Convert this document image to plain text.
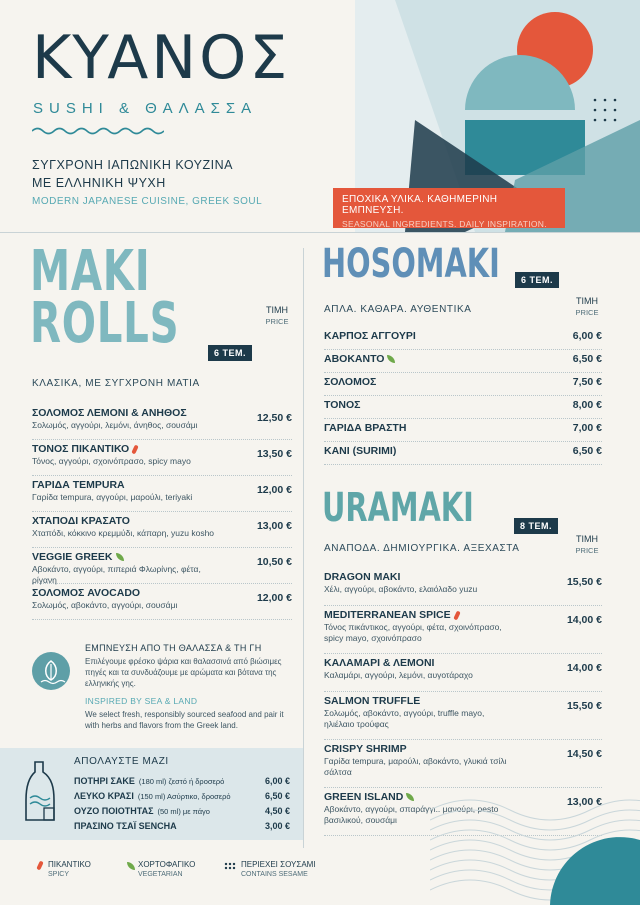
KYANOΣ
SUSHI & ΘΑΛΑΣΣΑ
ΣΥΓΧΡΟΝΗ ΙΑΠΩΝΙΚΗ ΚΟΥΖΙΝΑ
ΜΕ ΕΛΛΗΝΙΚΗ ΨΥΧΗ
MODERN JAPANESE CUISINE, GREEK SOUL	ΕΠΟΧΙΚΑ ΥΛΙΚΑ. ΚΑΘΗΜΕΡΙΝΗ ΕΜΠΝΕΥΣΗ.
SEASONAL INGREDIENTS. DAILY INSPIRATION.
MAKI
ROLLS	6 ΤΕΜ.
ΤΙΜΗ
PRICE
ΚΛΑΣΙΚΑ, ΜΕ ΣΥΓΧΡΟΝΗ ΜΑΤΙΑ
ΣΟΛΟΜΟΣ ΛΕΜΟΝΙ & ΑΝΗΘΟΣ
Σολωμός, αγγούρι, λεμόνι, άνηθος, σουσάμι
12,50 €
ΤΟΝΟΣ ΠΙΚΑΝΤΙΚΟ
Τόνος, αγγούρι, σχοινόπρασο, spicy mayo
13,50 €
ΓΑΡΙΔΑ TEMPURA
Γαρίδα tempura, αγγούρι, μαρούλι, teriyaki
12,00 €
ΧΤΑΠΟΔΙ ΚΡΑΣΑΤΟ
Χταπόδι, κόκκινο κρεμμύδι, κάπαρη, yuzu kosho
13,00 €
VEGGIE GREEK
Αβοκάντο, αγγούρι, πιπεριά Φλωρίνης, φέτα, ρίγανη
10,50 €
ΣΟΛΟΜΟΣ AVOCADO
Σολωμός, αβοκάντο, αγγούρι, σουσάμι
12,00 €
ΕΜΠΝΕΥΣΗ ΑΠΟ ΤΗ ΘΑΛΑΣΣΑ & ΤΗ ΓΗ
Επιλέγουμε φρέσκο ψάρια και θαλασσινά από βιώσιμες πηγές και τα συνδυάζουμε με αρώματα και βότανα της ελληνικής γης.
INSPIRED BY SEA & LAND
We select fresh, responsibly sourced seafood and pair it with herbs and flavors from the Greek land.
ΑΠΟΛΑΥΣΤΕ ΜΑΖΙ
ΠΟΤΗΡΙ ΣΑΚΕ (180 ml) ζεστό ή δροσερό	6,00 €
ΛΕΥΚΟ ΚΡΑΣΙ (150 ml) Ασύρτικο, δροσερό	6,50 €
ΟΥΖΟ ΠΟΙΟΤΗΤΑΣ (50 ml) με πάγο	4,50 €
ΠΡΑΣΙΝΟ ΤΣΑΪ SENCHA	3,00 €
HOSOMAKI	6 ΤΕΜ.
ΤΙΜΗ
PRICE
ΑΠΛΑ. ΚΑΘΑΡΑ. ΑΥΘΕΝΤΙΚΑ
ΚΑΡΠΟΣ ΑΓΓΟΥΡΙ	6,00 €
ΑΒΟΚΑΝΤΟ	6,50 €
ΣΟΛΟΜΟΣ	7,50 €
ΤΟΝΟΣ	8,00 €
ΓΑΡΙΔΑ ΒΡΑΣΤΗ	7,00 €
KANI (SURIMI)	6,50 €
URAMAKI	8 ΤΕΜ.
ΤΙΜΗ
PRICE
ΑΝΑΠΟΔΑ. ΔΗΜΙΟΥΡΓΙΚΑ. ΑΞΕΧΑΣΤΑ
DRAGON MAKI
Χέλι, αγγούρι, αβοκάντο, ελαιόλαδο yuzu
15,50 €
MEDITERRANEAN SPICE
Τόνος πικάντικος, αγγούρι, φέτα, σχοινόπρασο, spicy mayo, σχοινόπρασο
14,00 €
ΚΑΛΑΜΑΡΙ & ΛΕΜΟΝΙ
Καλαμάρι, αγγούρι, λεμόνι, αυγοτάραχο
14,00 €
SALMON TRUFFLE
Σολωμός, αβοκάντο, αγγούρι, truffle mayo, ηλιέλαιο τρούφας
15,50 €
CRISPY SHRIMP
Γαρίδα tempura, μαρούλι, αβοκάντο, γλυκιά τσίλι σάλτσα
14,50 €
GREEN ISLAND
Αβοκάντο, αγγούρι, σπαράγγι.. μανούρι, pesto βασιλικού, σουσάμι
13,00 €
ΠΙΚΑΝΤΙΚΟ
SPICY
ΧΟΡΤΟΦΑΓΙΚΟ
VEGETARIAN
ΠΕΡΙΕΧΕΙ ΣΟΥΣΑΜΙ
CONTAINS SESAME
